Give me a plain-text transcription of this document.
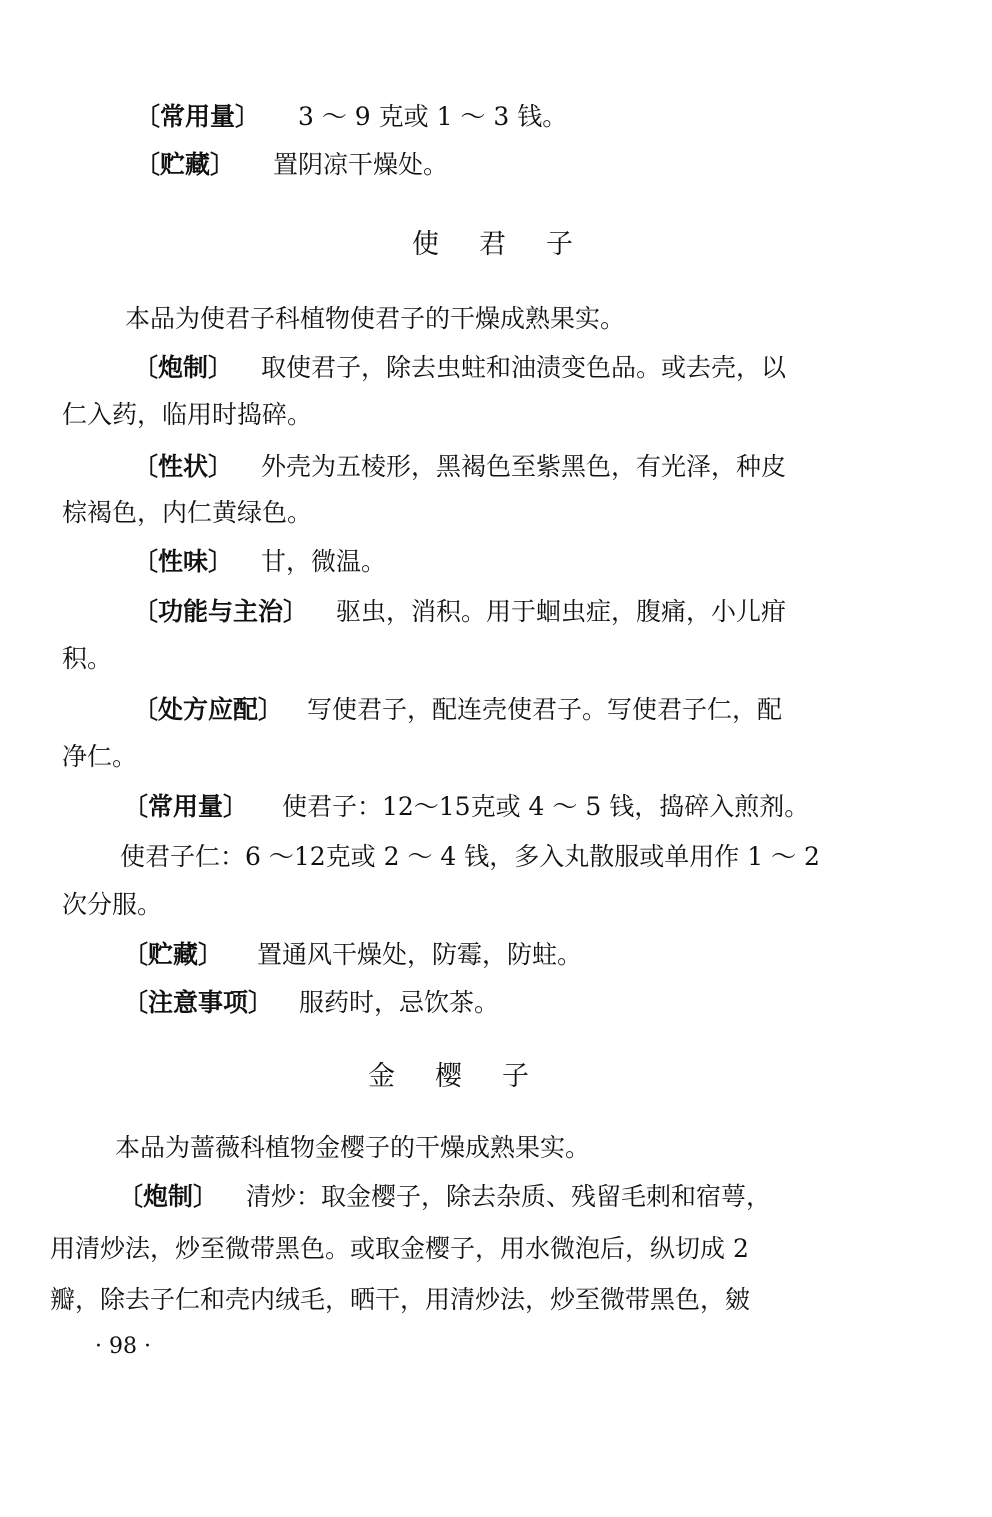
〔常用量〕 3 ～ 9 克或 1 ～ 3 钱。
〔贮藏〕 置阴凉干燥处。
使君子
本品为使君子科植物使君子的干燥成熟果实。
〔炮制〕 取使君子，除去虫蛀和油渍变色品。或去壳，以
仁入药，临用时捣碎。
〔性状〕 外壳为五棱形，黑褐色至紫黑色，有光泽，种皮
棕褐色，内仁黄绿色。
〔性味〕 甘，微温。
〔功能与主治〕 驱虫，消积。用于蛔虫症，腹痛，小儿疳
积。
〔处方应配〕 写使君子，配连壳使君子。写使君子仁，配
净仁。
〔常用量〕 使君子：12～15克或 4 ～ 5 钱，捣碎入煎剂。
使君子仁：6 ～12克或 2 ～ 4 钱，多入丸散服或单用作 1 ～ 2
次分服。
〔贮藏〕 置通风干燥处，防霉，防蛀。
〔注意事项〕 服药时，忌饮茶。
金樱子
本品为蔷薇科植物金樱子的干燥成熟果实。
〔炮制〕 清炒：取金樱子，除去杂质、残留毛刺和宿萼，
用清炒法，炒至微带黑色。或取金樱子，用水微泡后，纵切成 2
瓣，除去子仁和壳内绒毛，晒干，用清炒法，炒至微带黑色，皴
· 98 ·
